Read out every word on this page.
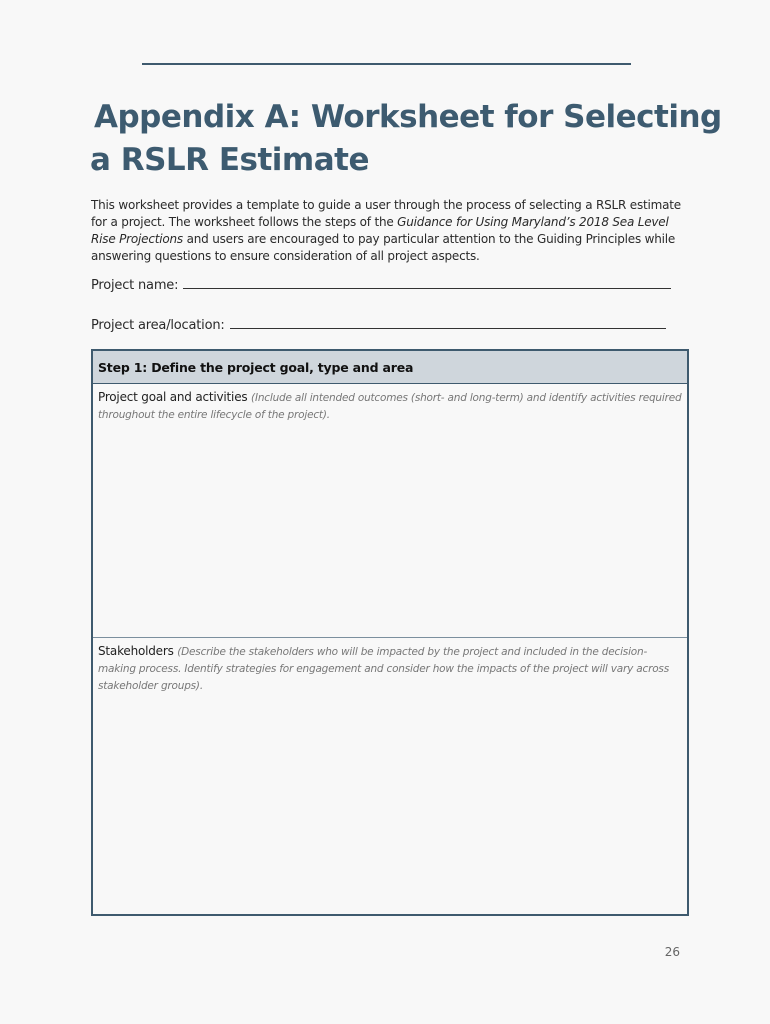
Appendix A: Worksheet for Selecting
a RSLR Estimate

This worksheet provides a template to guide a user through the process of selecting a RSLR estimate for a project. The worksheet follows the steps of the Guidance for Using Maryland’s 2018 Sea Level Rise Projections and users are encouraged to pay particular attention to the Guiding Principles while answering questions to ensure consideration of all project aspects.

Project name:
Project area/location:
Step 1: Define the project goal, type and area
Project goal and activities (Include all intended outcomes (short- and long-term) and identify activities required throughout the entire lifecycle of the project).
Stakeholders (Describe the stakeholders who will be impacted by the project and included in the decision-making process. Identify strategies for engagement and consider how the impacts of the project will vary across stakeholder groups).
26
